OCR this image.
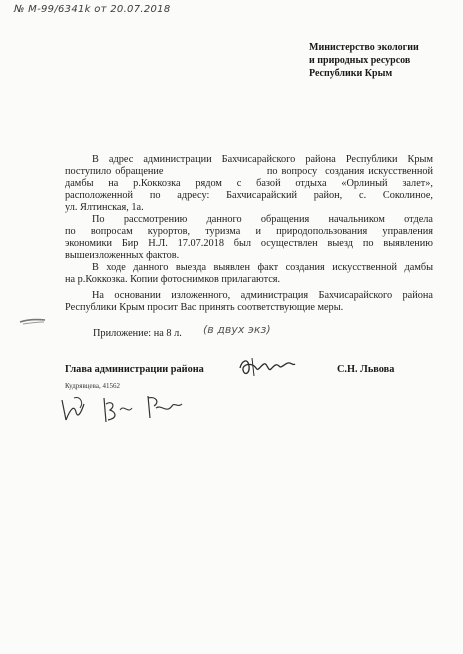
№ M-99/6341k от 20.07.2018
Министерство экологии
и природных ресурсов
Республики Крым

В адрес администрации Бахчисарайского района Республики Крым

поступило обращение                          по вопросу  создания искусственной

дамбы на р.Коккозка рядом с базой отдыха «Орлиный залет»,

расположенной по адресу: Бахчисарайский район, с. Соколиное,

ул. Ялтинская, 1а.

По рассмотрению данного обращения начальником отдела

по вопросам курортов, туризма и природопользования управления

экономики Бир Н.Л. 17.07.2018 был осуществлен выезд по выявлению

вышеизложенных фактов.

В ходе данного выезда выявлен факт создания искусственной дамбы

на р.Коккозка. Копии фотоснимков прилагаются.

На основании изложенного, администрация Бахчисарайского района

Республики Крым просит Вас принять соответствующие меры.

Приложение: на 8 л. (в двух экз)
Глава администрации района	С.Н. Львова
Кудрявцева, 41562
